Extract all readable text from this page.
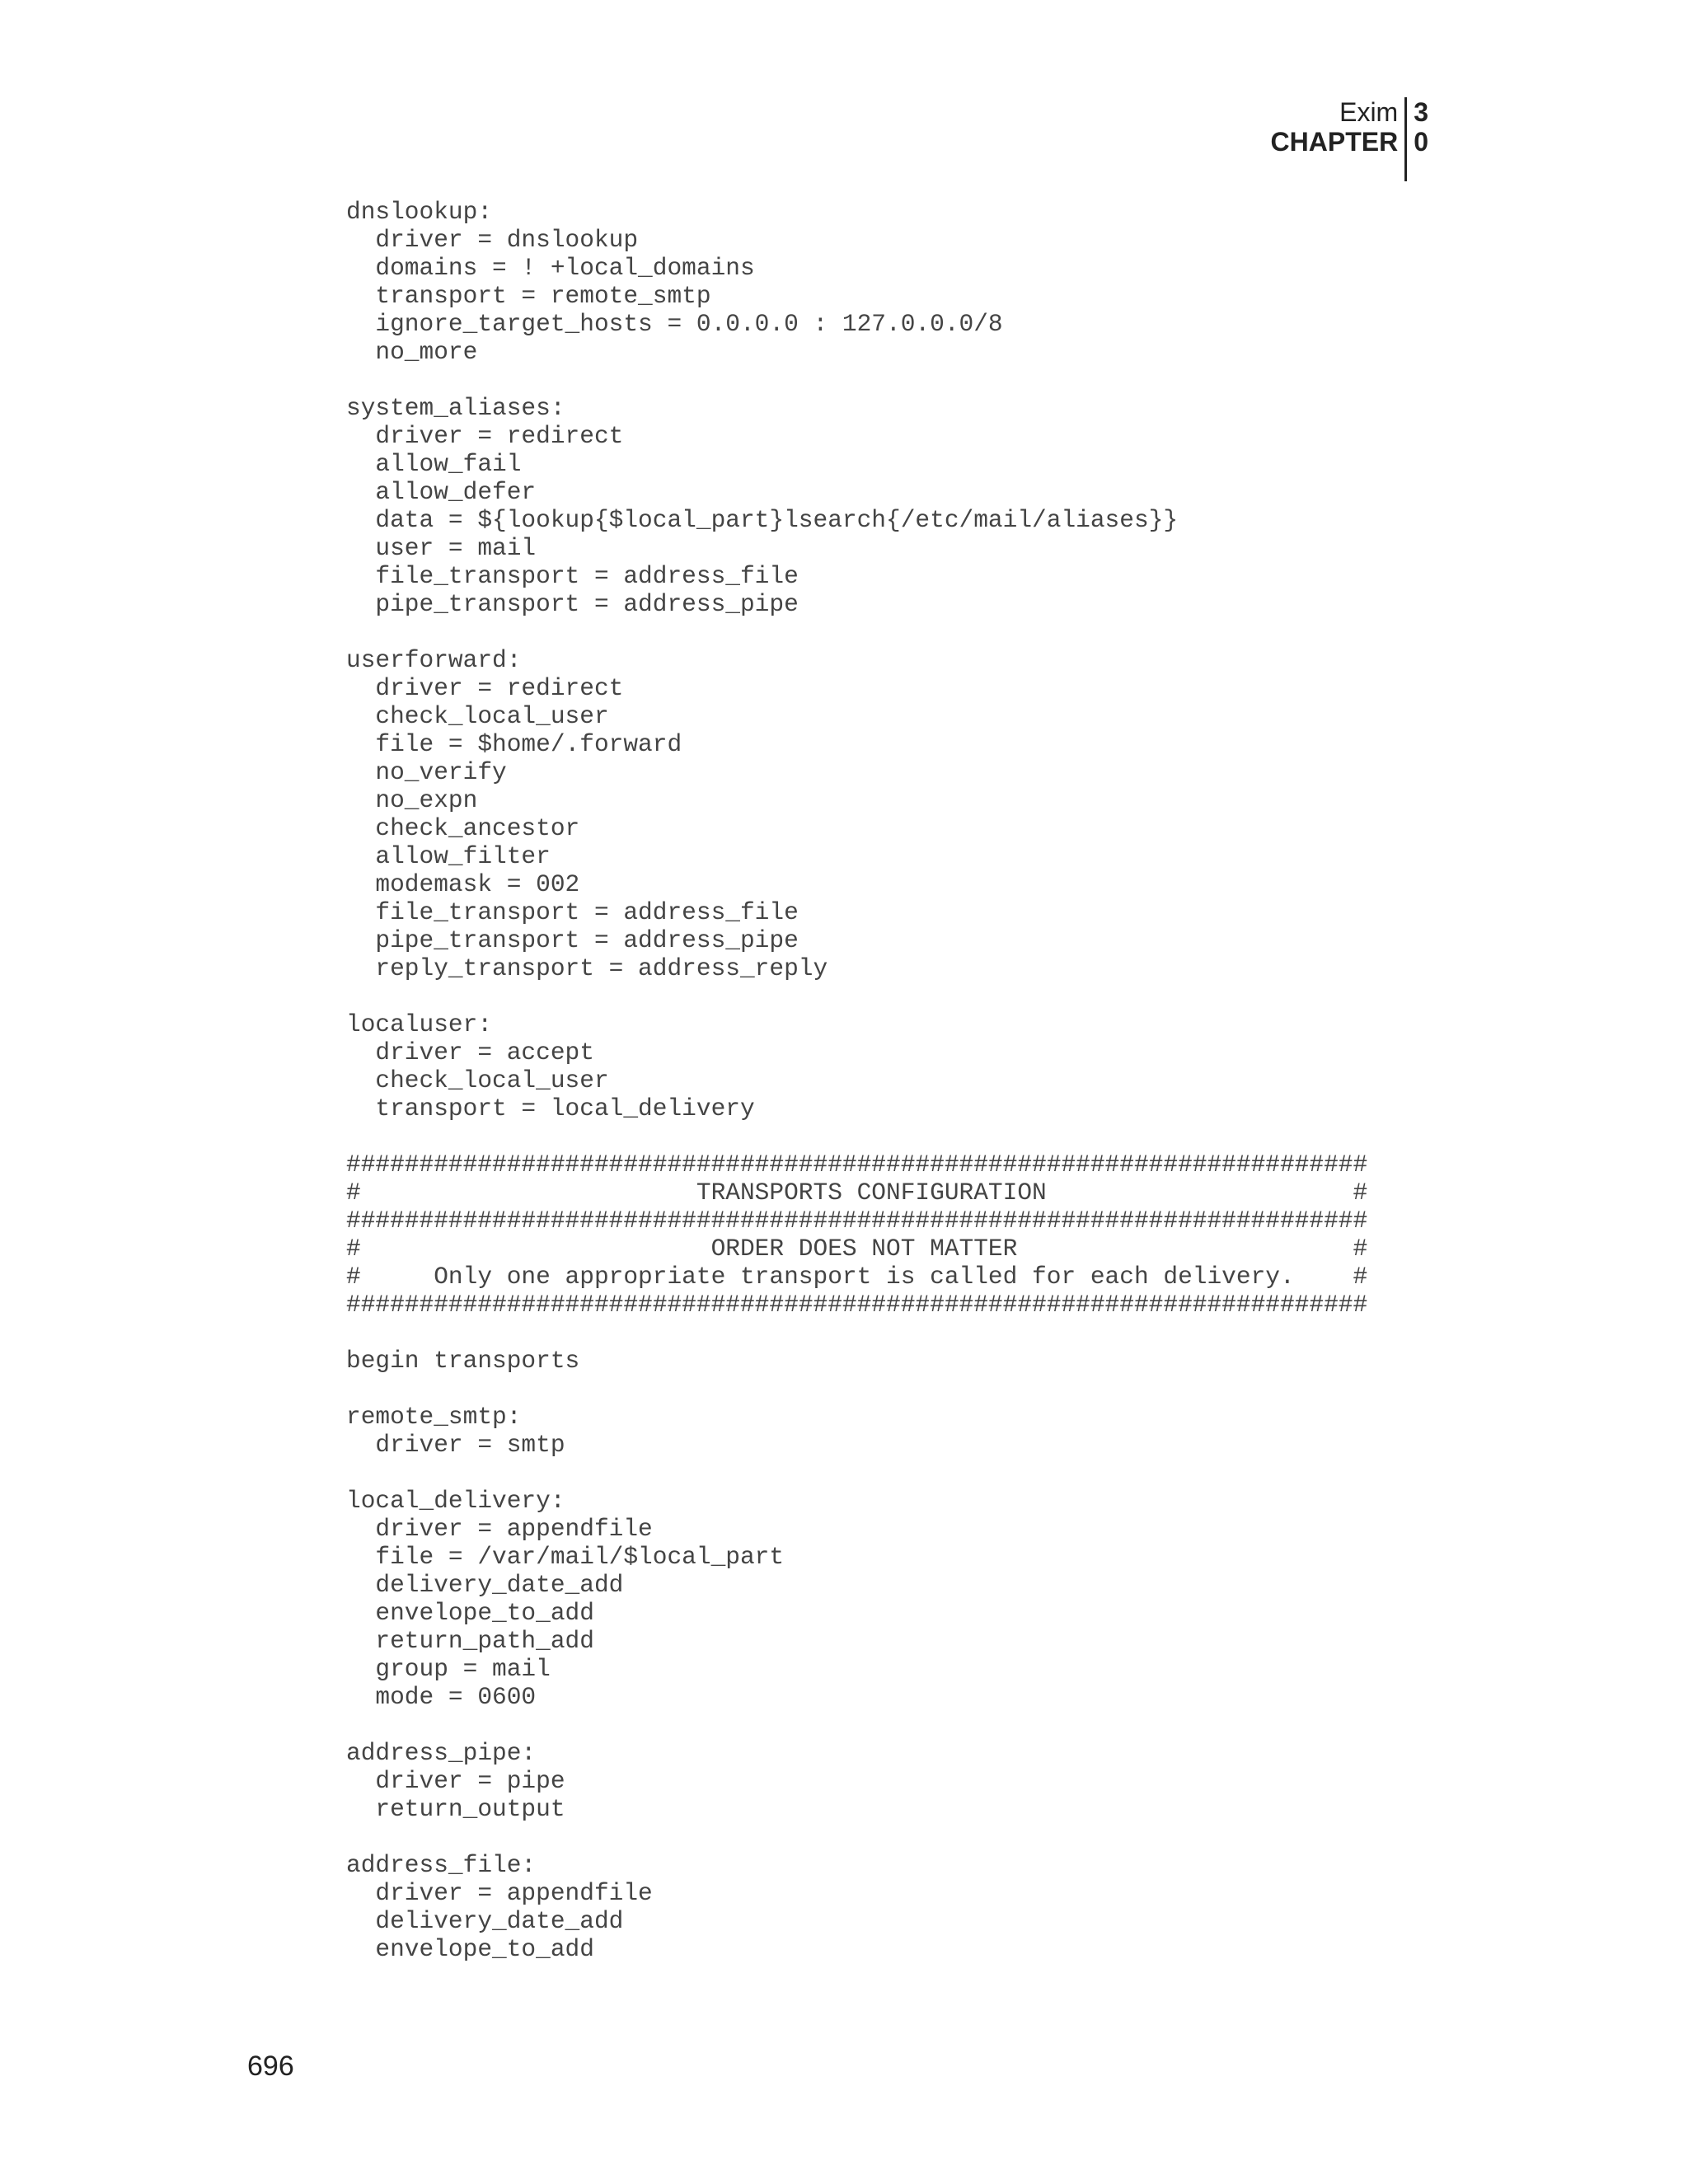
Exim
CHAPTER
3
0
dnslookup:
driver = dnslookup
domains = ! +local_domains
transport = remote_smtp
ignore_target_hosts = 0.0.0.0 : 127.0.0.0/8
no_more
system_aliases:
driver = redirect
allow_fail
allow_defer
data = ${lookup{$local_part}lsearch{/etc/mail/aliases}}
user = mail
file_transport = address_file
pipe_transport = address_pipe
userforward:
driver = redirect
check_local_user
file = $home/.forward
no_verify
no_expn
check_ancestor
allow_filter
modemask = 002
file_transport = address_file
pipe_transport = address_pipe
reply_transport = address_reply
localuser:
driver = accept
check_local_user
transport = local_delivery
######################################################################
#                       TRANSPORTS CONFIGURATION                     #
######################################################################
#                        ORDER DOES NOT MATTER                       #
#     Only one appropriate transport is called for each delivery.    #
######################################################################
begin transports
remote_smtp:
driver = smtp
local_delivery:
driver = appendfile
file = /var/mail/$local_part
delivery_date_add
envelope_to_add
return_path_add
group = mail
mode = 0600
address_pipe:
driver = pipe
return_output
address_file:
driver = appendfile
delivery_date_add
envelope_to_add
696
